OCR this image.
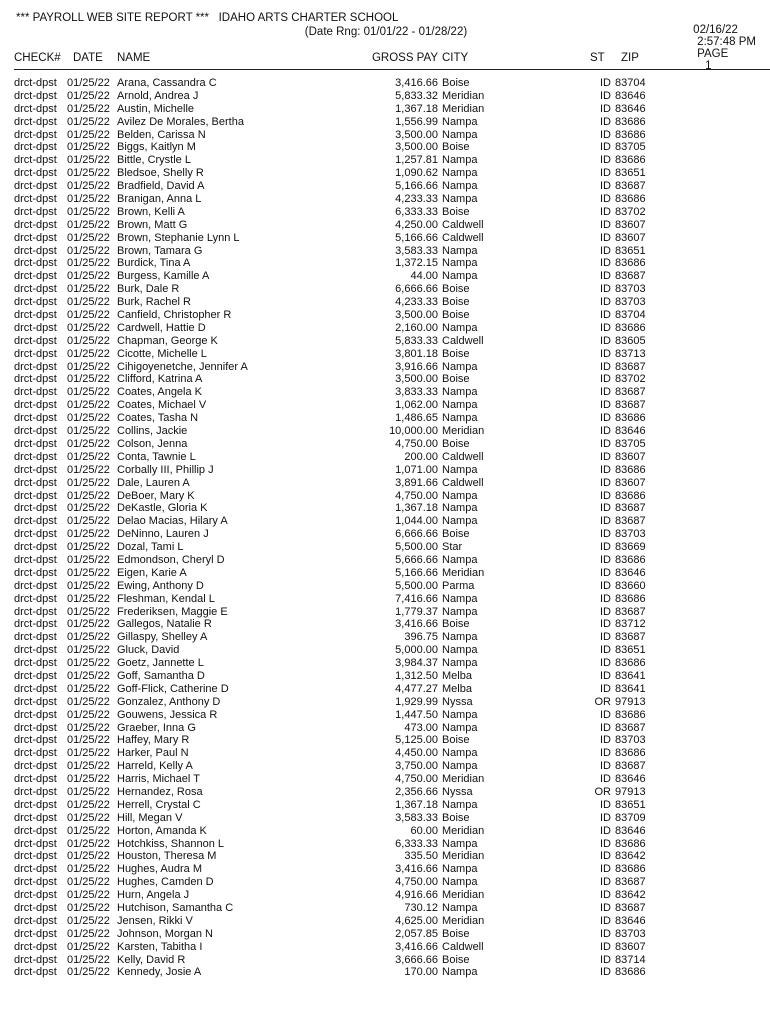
*** PAYROLL WEB SITE REPORT ***   IDAHO ARTS CHARTER SCHOOL
(Date Rng: 01/01/22 - 01/28/22)	02/16/22
2:57:48 PM
PAGE
1

CHECK# DATE NAME	GROSS PAY CITY	ST ZIP
drct-dpst 01/25/22 Arana, Cassandra C	3,416.66 Boise	ID 83704
drct-dpst 01/25/22 Arnold, Andrea J	5,833.32 Meridian	ID 83646
drct-dpst 01/25/22 Austin, Michelle	1,367.18 Meridian	ID 83646
drct-dpst 01/25/22 Avilez De Morales, Bertha	1,556.99 Nampa	ID 83686
drct-dpst 01/25/22 Belden, Carissa N	3,500.00 Nampa	ID 83686
drct-dpst 01/25/22 Biggs, Kaitlyn M	3,500.00 Boise	ID 83705
drct-dpst 01/25/22 Bittle, Crystle L	1,257.81 Nampa	ID 83686
drct-dpst 01/25/22 Bledsoe, Shelly R	1,090.62 Nampa	ID 83651
drct-dpst 01/25/22 Bradfield, David A	5,166.66 Nampa	ID 83687
drct-dpst 01/25/22 Branigan, Anna L	4,233.33 Nampa	ID 83686
drct-dpst 01/25/22 Brown, Kelli A	6,333.33 Boise	ID 83702
drct-dpst 01/25/22 Brown, Matt G	4,250.00 Caldwell	ID 83607
drct-dpst 01/25/22 Brown, Stephanie Lynn L	5,166.66 Caldwell	ID 83607
drct-dpst 01/25/22 Brown, Tamara G	3,583.33 Nampa	ID 83651
drct-dpst 01/25/22 Burdick, Tina A	1,372.15 Nampa	ID 83686
drct-dpst 01/25/22 Burgess, Kamille A	44.00 Nampa	ID 83687
drct-dpst 01/25/22 Burk, Dale R	6,666.66 Boise	ID 83703
drct-dpst 01/25/22 Burk, Rachel R	4,233.33 Boise	ID 83703
drct-dpst 01/25/22 Canfield, Christopher R	3,500.00 Boise	ID 83704
drct-dpst 01/25/22 Cardwell, Hattie D	2,160.00 Nampa	ID 83686
drct-dpst 01/25/22 Chapman, George K	5,833.33 Caldwell	ID 83605
drct-dpst 01/25/22 Cicotte, Michelle L	3,801.18 Boise	ID 83713
drct-dpst 01/25/22 Cihigoyenetche, Jennifer A	3,916.66 Nampa	ID 83687
drct-dpst 01/25/22 Clifford, Katrina A	3,500.00 Boise	ID 83702
drct-dpst 01/25/22 Coates, Angela K	3,833.33 Nampa	ID 83687
drct-dpst 01/25/22 Coates, Michael V	1,062.00 Nampa	ID 83687
drct-dpst 01/25/22 Coates, Tasha N	1,486.65 Nampa	ID 83686
drct-dpst 01/25/22 Collins, Jackie	10,000.00 Meridian	ID 83646
drct-dpst 01/25/22 Colson, Jenna	4,750.00 Boise	ID 83705
drct-dpst 01/25/22 Conta, Tawnie L	200.00 Caldwell	ID 83607
drct-dpst 01/25/22 Corbally III, Phillip J	1,071.00 Nampa	ID 83686
drct-dpst 01/25/22 Dale, Lauren A	3,891.66 Caldwell	ID 83607
drct-dpst 01/25/22 DeBoer, Mary K	4,750.00 Nampa	ID 83686
drct-dpst 01/25/22 DeKastle, Gloria K	1,367.18 Nampa	ID 83687
drct-dpst 01/25/22 Delao Macias, Hilary A	1,044.00 Nampa	ID 83687
drct-dpst 01/25/22 DeNinno, Lauren J	6,666.66 Boise	ID 83703
drct-dpst 01/25/22 Dozal, Tami L	5,500.00 Star	ID 83669
drct-dpst 01/25/22 Edmondson, Cheryl D	5,666.66 Nampa	ID 83686
drct-dpst 01/25/22 Eigen, Karie A	5,166.66 Meridian	ID 83646
drct-dpst 01/25/22 Ewing, Anthony D	5,500.00 Parma	ID 83660
drct-dpst 01/25/22 Fleshman, Kendal L	7,416.66 Nampa	ID 83686
drct-dpst 01/25/22 Frederiksen, Maggie E	1,779.37 Nampa	ID 83687
drct-dpst 01/25/22 Gallegos, Natalie R	3,416.66 Boise	ID 83712
drct-dpst 01/25/22 Gillaspy, Shelley A	396.75 Nampa	ID 83687
drct-dpst 01/25/22 Gluck, David	5,000.00 Nampa	ID 83651
drct-dpst 01/25/22 Goetz, Jannette L	3,984.37 Nampa	ID 83686
drct-dpst 01/25/22 Goff, Samantha D	1,312.50 Melba	ID 83641
drct-dpst 01/25/22 Goff-Flick, Catherine D	4,477.27 Melba	ID 83641
drct-dpst 01/25/22 Gonzalez, Anthony D	1,929.99 Nyssa	OR 97913
drct-dpst 01/25/22 Gouwens, Jessica R	1,447.50 Nampa	ID 83686
drct-dpst 01/25/22 Graeber, Inna G	473.00 Nampa	ID 83687
drct-dpst 01/25/22 Haffey, Mary R	5,125.00 Boise	ID 83703
drct-dpst 01/25/22 Harker, Paul N	4,450.00 Nampa	ID 83686
drct-dpst 01/25/22 Harreld, Kelly A	3,750.00 Nampa	ID 83687
drct-dpst 01/25/22 Harris, Michael T	4,750.00 Meridian	ID 83646
drct-dpst 01/25/22 Hernandez, Rosa	2,356.66 Nyssa	OR 97913
drct-dpst 01/25/22 Herrell, Crystal C	1,367.18 Nampa	ID 83651
drct-dpst 01/25/22 Hill, Megan V	3,583.33 Boise	ID 83709
drct-dpst 01/25/22 Horton, Amanda K	60.00 Meridian	ID 83646
drct-dpst 01/25/22 Hotchkiss, Shannon L	6,333.33 Nampa	ID 83686
drct-dpst 01/25/22 Houston, Theresa M	335.50 Meridian	ID 83642
drct-dpst 01/25/22 Hughes, Audra M	3,416.66 Nampa	ID 83686
drct-dpst 01/25/22 Hughes, Camden D	4,750.00 Nampa	ID 83687
drct-dpst 01/25/22 Hurn, Angela J	4,916.66 Meridian	ID 83642
drct-dpst 01/25/22 Hutchison, Samantha C	730.12 Nampa	ID 83687
drct-dpst 01/25/22 Jensen, Rikki V	4,625.00 Meridian	ID 83646
drct-dpst 01/25/22 Johnson, Morgan N	2,057.85 Boise	ID 83703
drct-dpst 01/25/22 Karsten, Tabitha I	3,416.66 Caldwell	ID 83607
drct-dpst 01/25/22 Kelly, David R	3,666.66 Boise	ID 83714
drct-dpst 01/25/22 Kennedy, Josie A	170.00 Nampa	ID 83686
